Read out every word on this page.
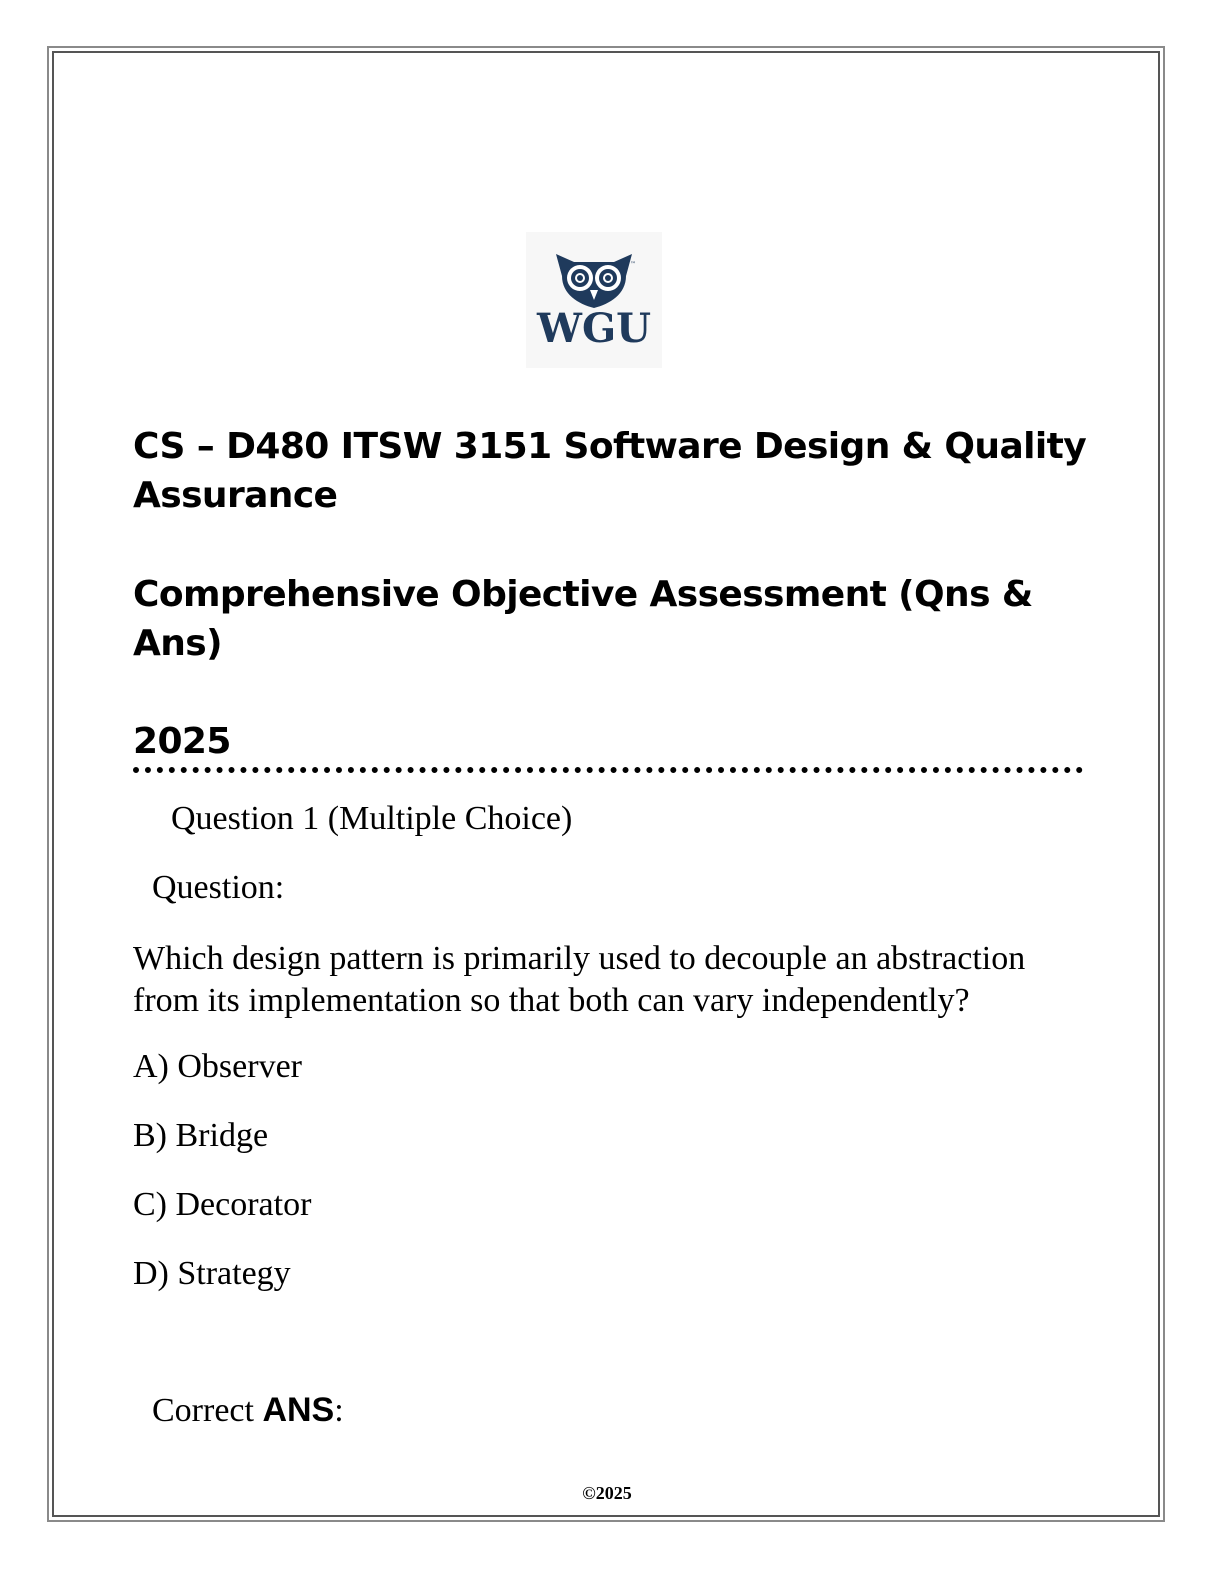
™
WGU
CS – D480 ITSW 3151 Software Design & Quality Assurance
Comprehensive Objective Assessment (Qns & Ans)
2025

Question 1 (Multiple Choice)

Question:

Which design pattern is primarily used to decouple an abstraction from its implementation so that both can vary independently?

A) Observer

B) Bridge

C) Decorator

D) Strategy

Correct ANS:

©2025
